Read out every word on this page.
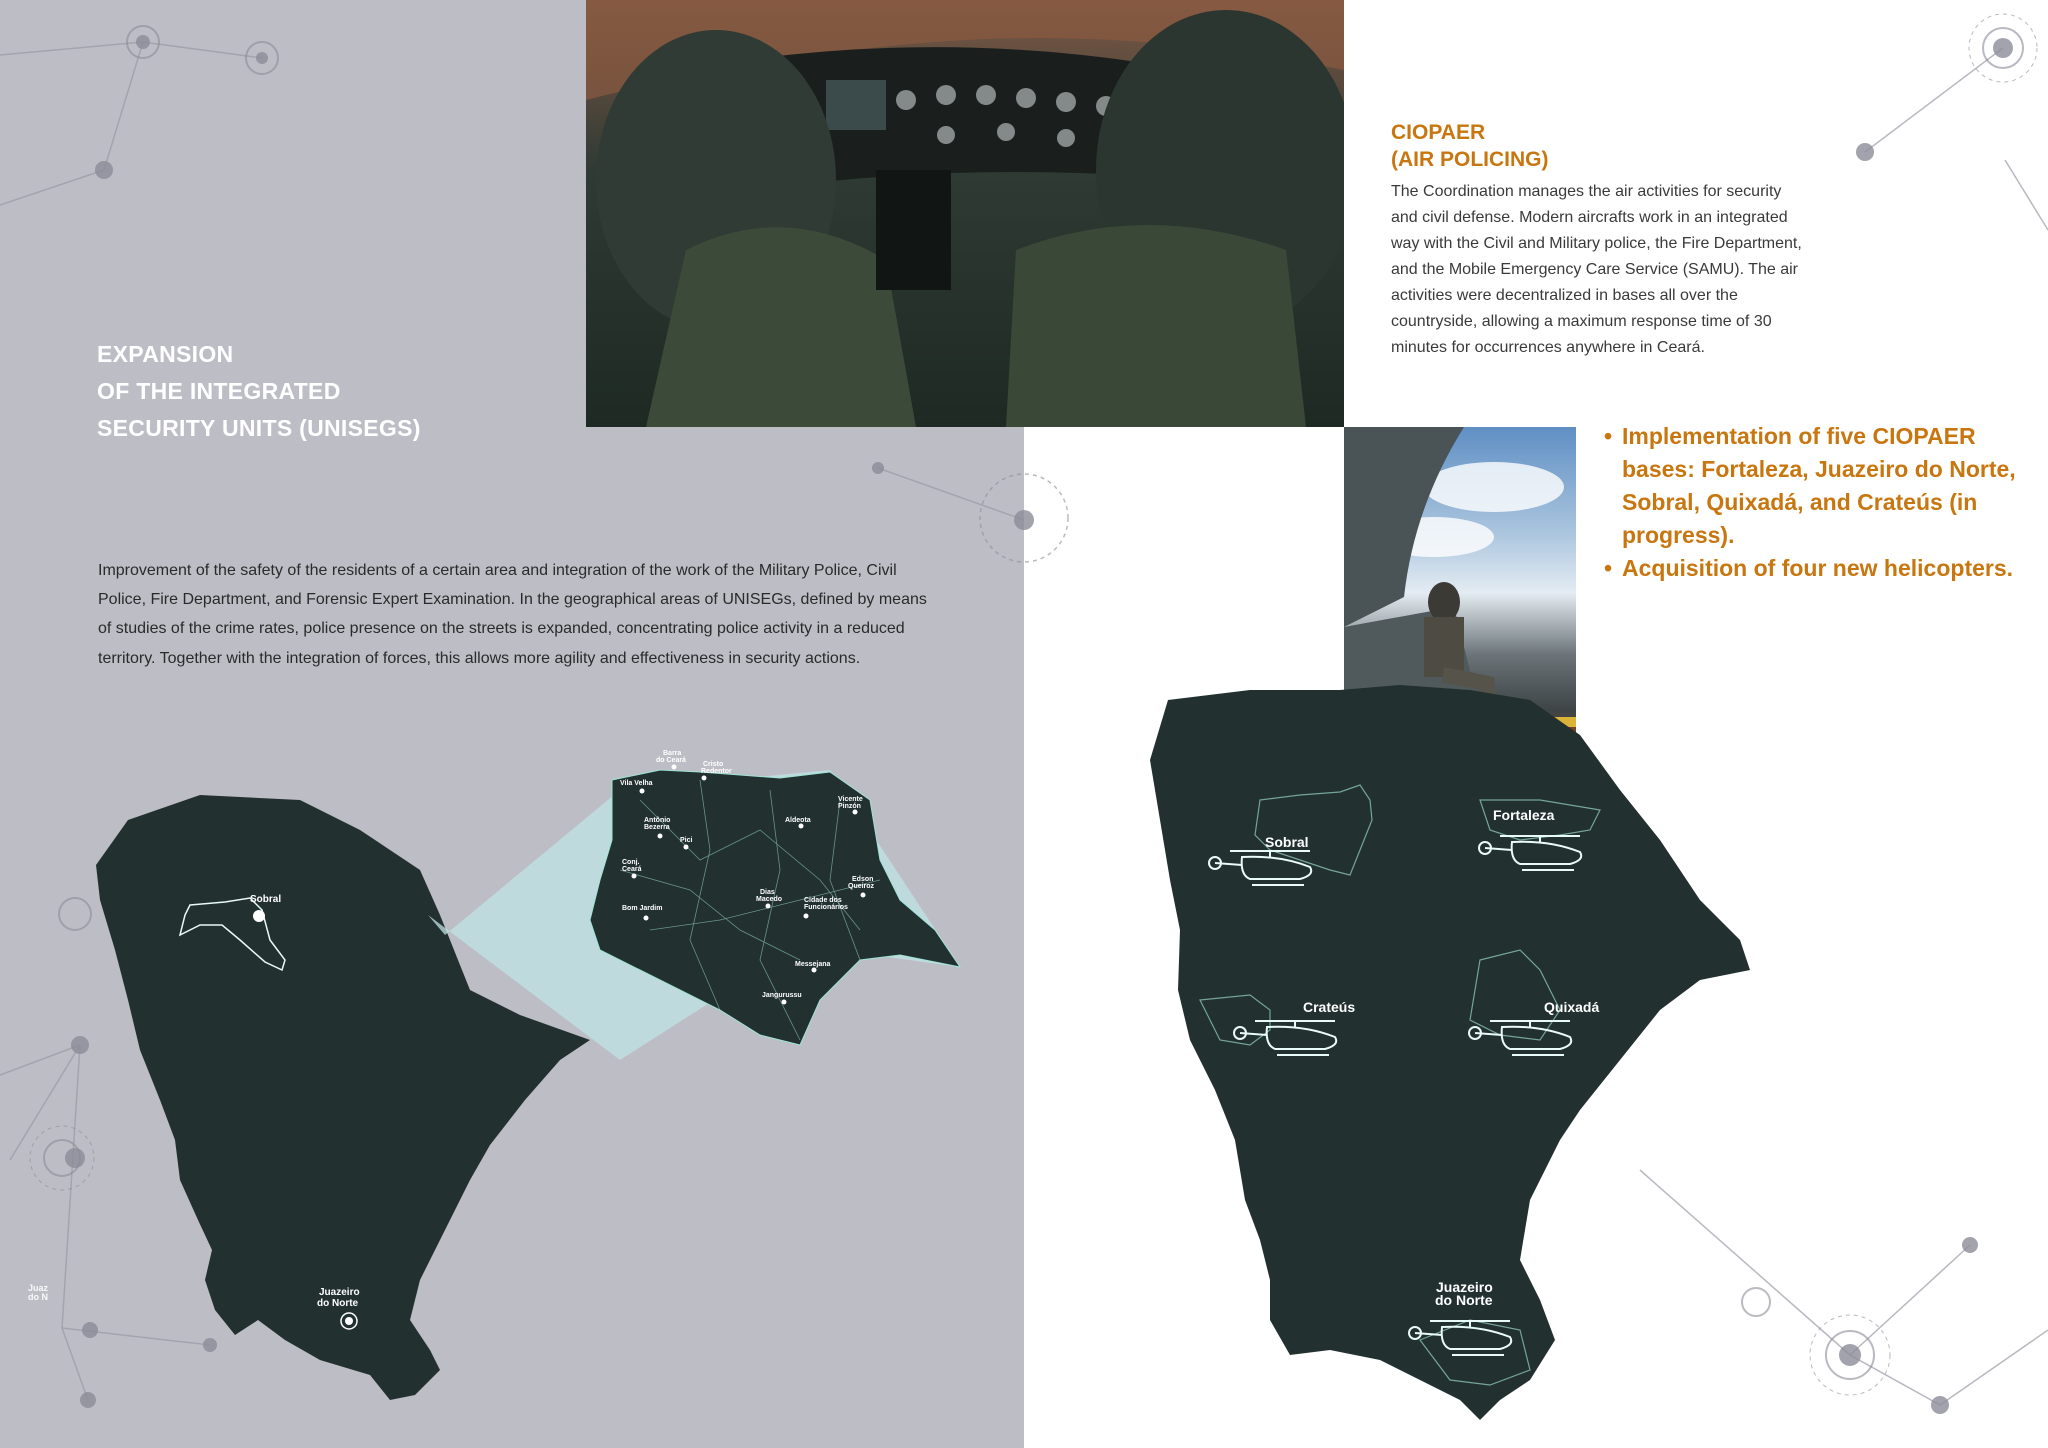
EXPANSION
OF THE INTEGRATED
SECURITY UNITS (UNISEGS)
Improvement of the safety of the residents of a certain area and integration of the work of the Military Police, Civil Police, Fire Department, and Forensic Expert Examination. In the geographical areas of UNISEGs, defined by means of studies of the crime rates, police presence on the streets is expanded, concentrating police activity in a reduced territory. Together with the integration of forces, this allows more agility and effectiveness in security actions.
CIOPAER
(AIR POLICING)
The Coordination manages the air activities for security and civil defense. Modern aircrafts work in an integrated way with the Civil and Military police, the Fire Department, and the Mobile Emergency Care Service (SAMU). The air activities were decentralized in bases all over the countryside, allowing a maximum response time of 30 minutes for occurrences anywhere in Ceará.
• Implementation of five CIOPAER bases: Fortaleza, Juazeiro do Norte, Sobral, Quixadá, and Crateús (in progress).
• Acquisition of four new helicopters.
Sobral
Juazeiro
do Norte
Juaz
do N
Barra
do Ceará
Cristo
Redentor
Vila Velha
Vicente
Pinzón
Antônio
Bezerra
Aldeota
Pici
Conj.
Ceará
Edson
Queiroz
Dias
Macedo	Cidade dos
Funcionários
Bom Jardim
Messejana
Jangurussu
Sobral
Fortaleza
Crateús	Quixadá
Juazeiro
do Norte
